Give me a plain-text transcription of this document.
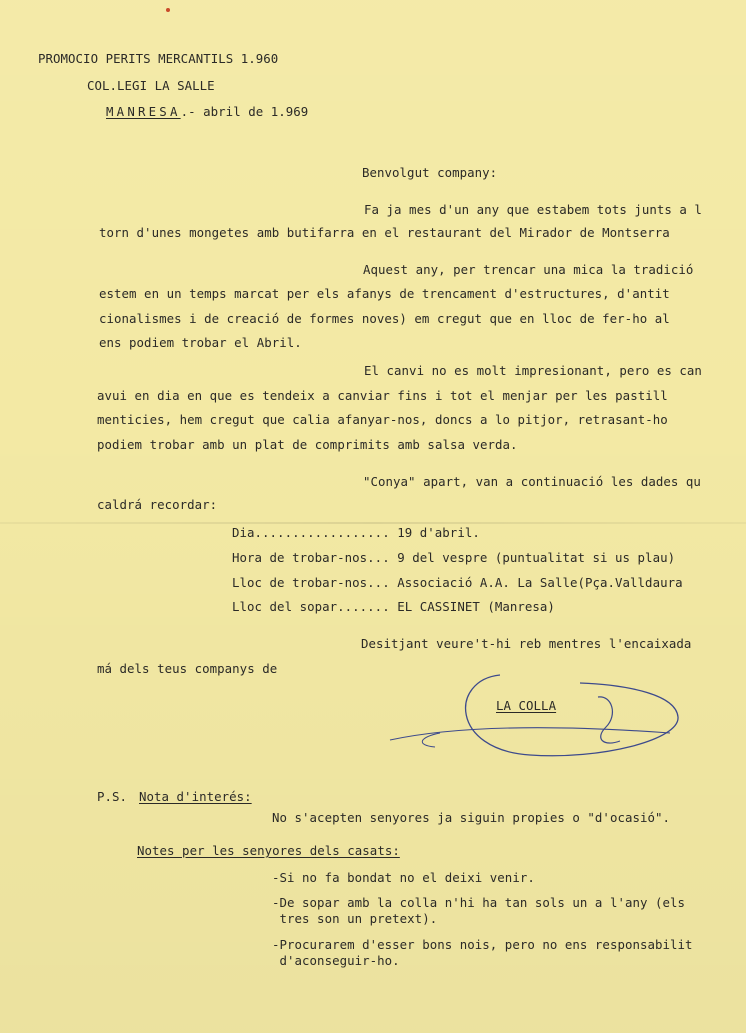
PROMOCIO PERITS MERCANTILS 1.960
COL.LEGI LA SALLE
MANRESA.- abril de 1.969
Benvolgut company:
Fa ja mes d'un any que estabem tots junts a l
torn d'unes mongetes amb butifarra en el restaurant del Mirador de Montserra
Aquest any, per trencar una mica la tradició
estem en un temps marcat per els afanys de trencament d'estructures, d'antit
cionalismes i de creació de formes noves) em cregut que en lloc de fer-ho al
ens podiem trobar el Abril.
El canvi no es molt impresionant, pero es can
avui en dia en que es tendeix a canviar fins i tot el menjar per les pastill
menticies, hem cregut que calia afanyar-nos, doncs a lo pitjor, retrasant-ho
podiem trobar amb un plat de comprimits amb salsa verda.
"Conya" apart, van a continuació les dades qu
caldrá recordar:
Dia.................. 19 d'abril.
Hora de trobar-nos... 9 del vespre (puntualitat si us plau)
Lloc de trobar-nos... Associació A.A. La Salle(Pça.Valldaura
Lloc del sopar....... EL CASSINET (Manresa)
Desitjant veure't-hi reb mentres l'encaixada
má dels teus companys de
LA COLLA
P.S. Nota d'interés:
No s'acepten senyores ja siguin propies o "d'ocasió".
Notes per les senyores dels casats:
-Si no fa bondat no el deixi venir.
-De sopar amb la colla n'hi ha tan sols un a l'any (els
tres son un pretext).
-Procurarem d'esser bons nois, pero no ens responsabilit
d'aconseguir-ho.
